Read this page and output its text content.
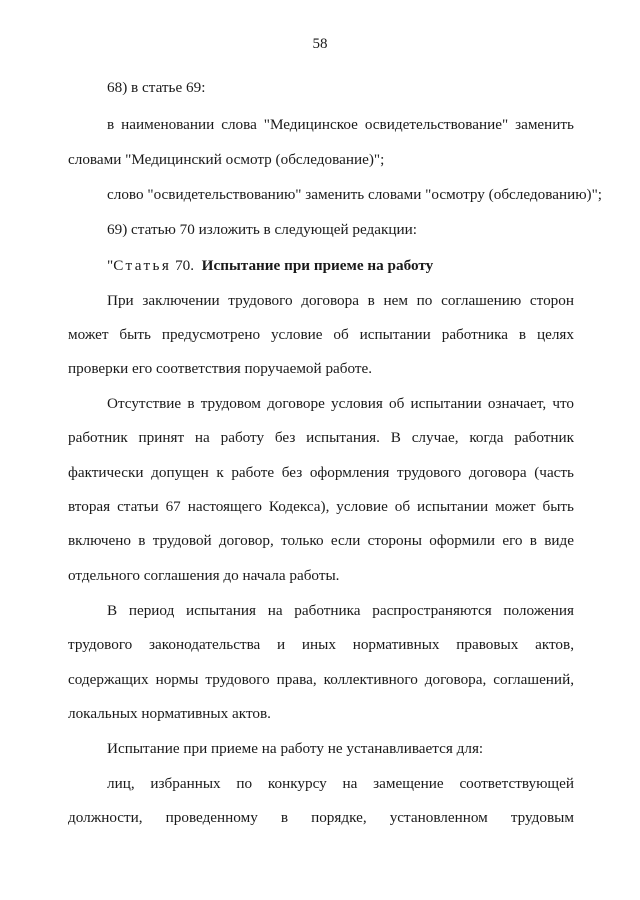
58
68) в статье 69:
в наименовании слова "Медицинское освидетельствование" заменить
словами "Медицинский осмотр (обследование)";
слово "освидетельствованию" заменить словами "осмотру (обследованию)";
69) статью 70 изложить в следующей редакции:
"Статья 70. Испытание при приеме на работу
При заключении трудового договора в нем по соглашению сторон
может быть предусмотрено условие об испытании работника в целях
проверки его соответствия поручаемой работе.
Отсутствие в трудовом договоре условия об испытании означает, что
работник принят на работу без испытания. В случае, когда работник
фактически допущен к работе без оформления трудового договора (часть
вторая статьи 67 настоящего Кодекса), условие об испытании может быть
включено в трудовой договор, только если стороны оформили его в виде
отдельного соглашения до начала работы.
В период испытания на работника распространяются положения
трудового законодательства и иных нормативных правовых актов,
содержащих нормы трудового права, коллективного договора, соглашений,
локальных нормативных актов.
Испытание при приеме на работу не устанавливается для:
лиц, избранных по конкурсу на замещение соответствующей
должности, проведенному в порядке, установленном трудовым
